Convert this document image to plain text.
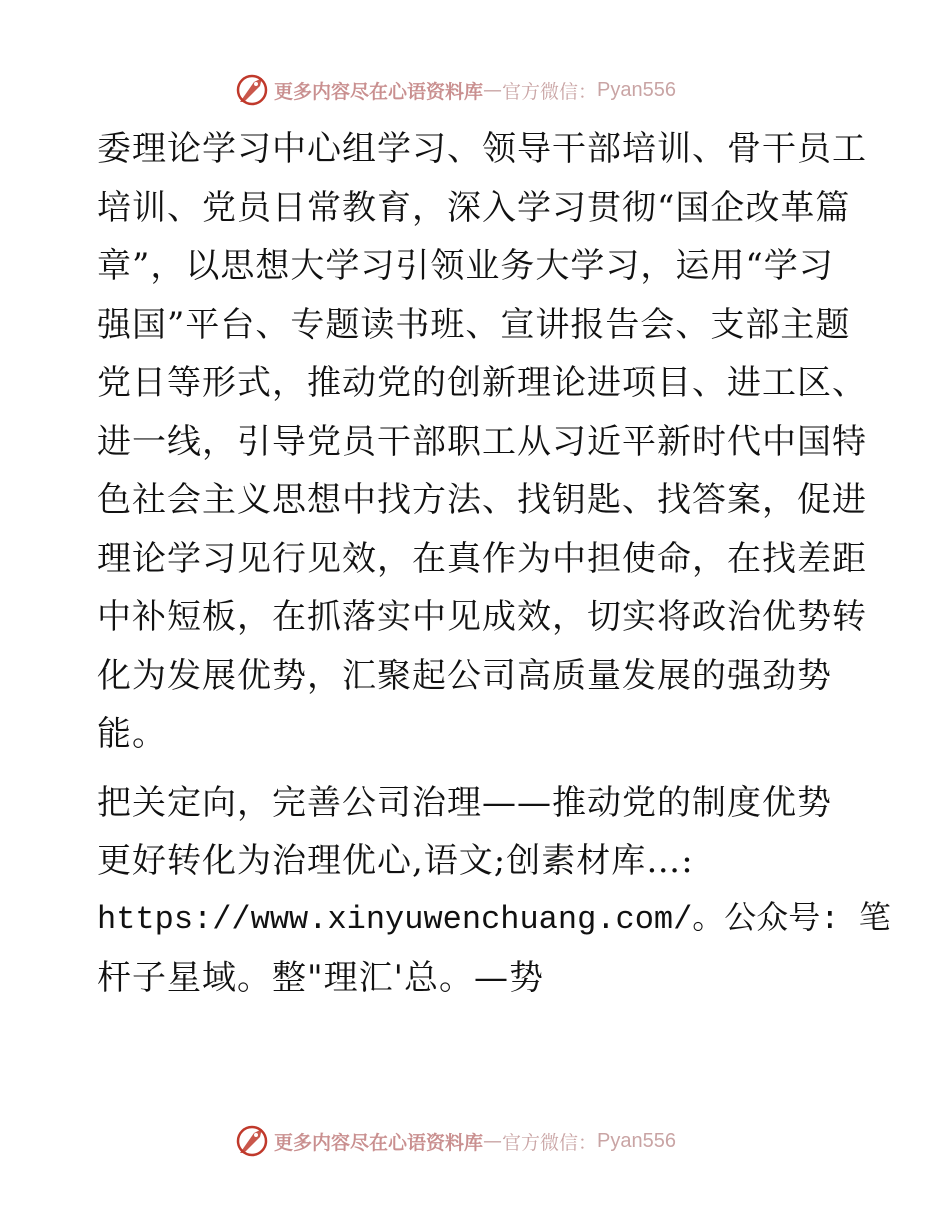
更多内容尽在心语资料库 — 官方微信： Pyan556
委理论学习中心组学习、领导干部培训、骨干员工
培训、党员日常教育，深入学习贯彻“国企改革篇
章”，以思想大学习引领业务大学习，运用“学习
强国”平台、专题读书班、宣讲报告会、支部主题
党日等形式，推动党的创新理论进项目、进工区、
进一线，引导党员干部职工从习近平新时代中国特
色社会主义思想中找方法、找钥匙、找答案，促进
理论学习见行见效，在真作为中担使命，在找差距
中补短板，在抓落实中见成效，切实将政治优势转
化为发展优势，汇聚起公司高质量发展的强劲势
能。
把关定向，完善公司治理——推动党的制度优势
更好转化为治理优心,语文;创素材库…:
https://www.xinyuwenchuang.com/。公众号: 笔
杆子星域。整"理汇'总。—势
更多内容尽在心语资料库 — 官方微信： Pyan556
